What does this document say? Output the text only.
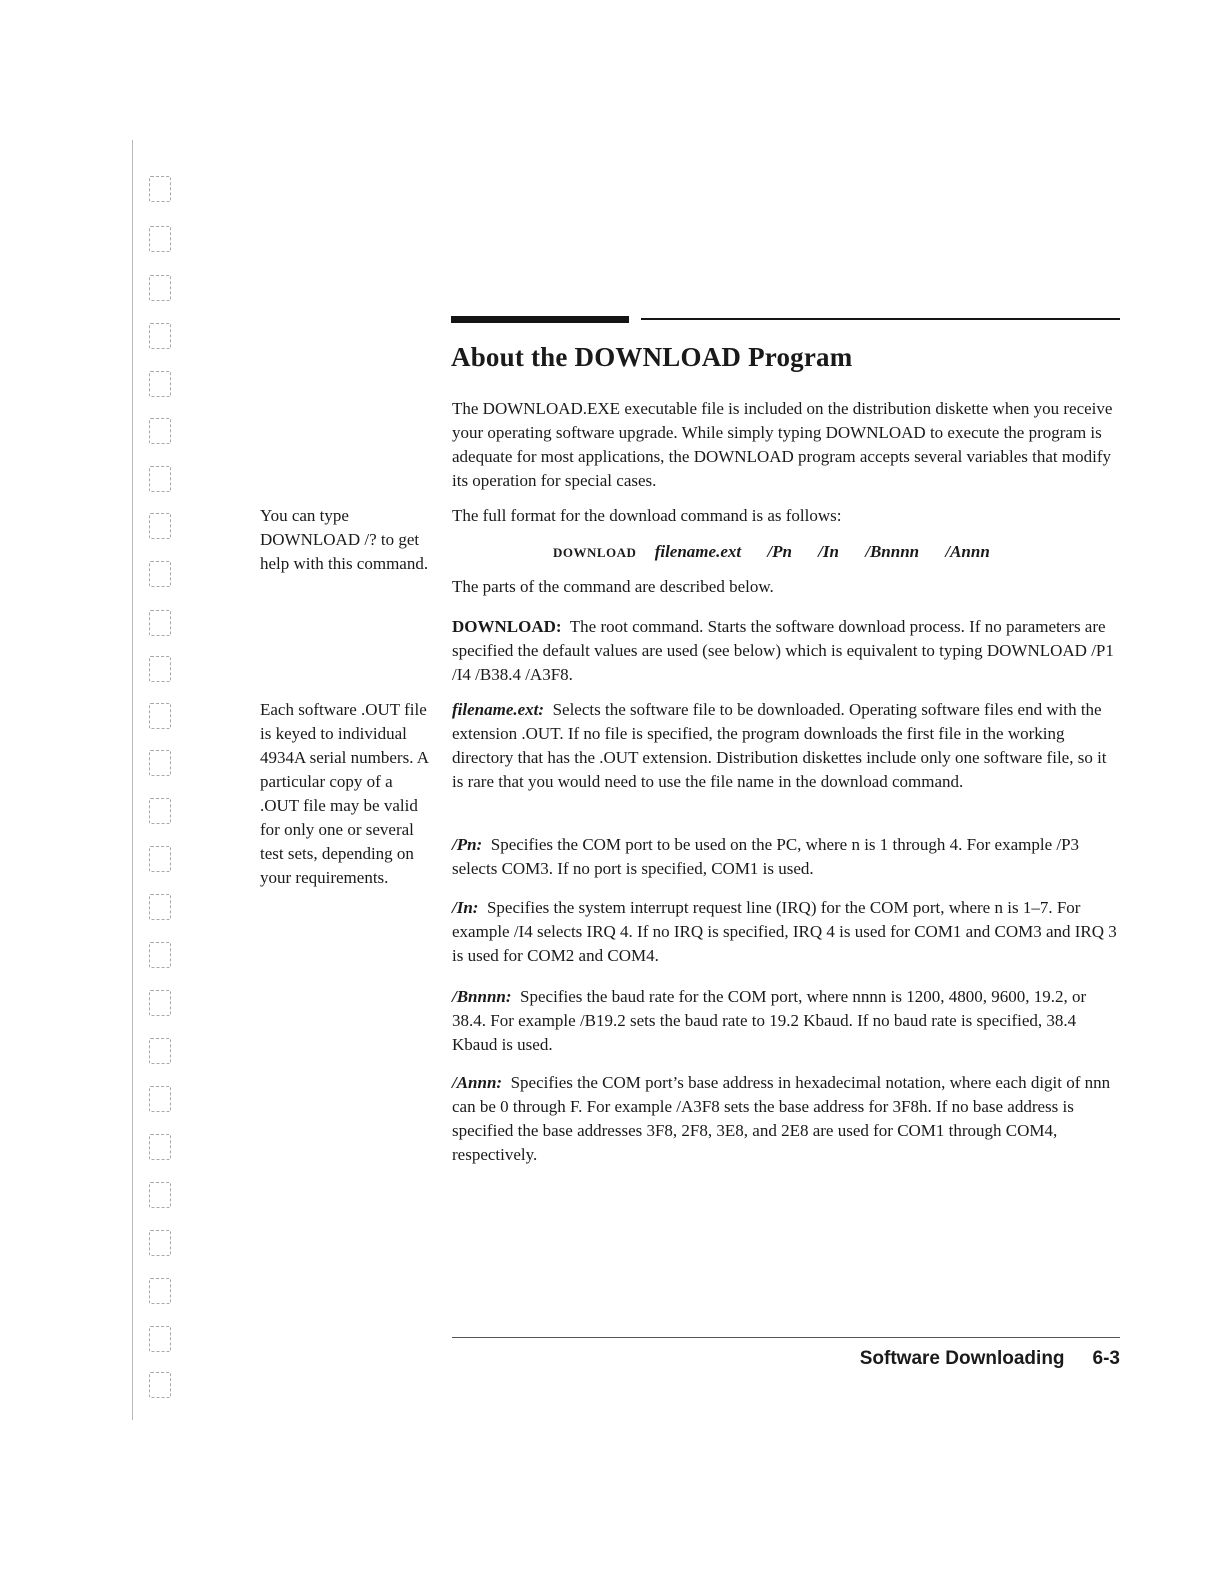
About the DOWNLOAD Program

The DOWNLOAD.EXE executable file is included on the distribution diskette when you receive your operating software upgrade. While simply typing DOWNLOAD to execute the program is adequate for most applications, the DOWNLOAD program accepts several variables that modify its operation for special cases.

The full format for the download command is as follows:

DOWNLOAD filename.ext /Pn /In /Bnnnn /Annn

The parts of the command are described below.

DOWNLOAD: The root command. Starts the software download process. If no parameters are specified the default values are used (see below) which is equivalent to typing DOWNLOAD /P1 /I4 /B38.4 /A3F8.

filename.ext: Selects the software file to be downloaded. Operating software files end with the extension .OUT. If no file is specified, the program downloads the first file in the working directory that has the .OUT extension. Distribution diskettes include only one software file, so it is rare that you would need to use the file name in the download command.

/Pn: Specifies the COM port to be used on the PC, where n is 1 through 4. For example /P3 selects COM3. If no port is specified, COM1 is used.

/In: Specifies the system interrupt request line (IRQ) for the COM port, where n is 1–7. For example /I4 selects IRQ 4. If no IRQ is specified, IRQ 4 is used for COM1 and COM3 and IRQ 3 is used for COM2 and COM4.

/Bnnnn: Specifies the baud rate for the COM port, where nnnn is 1200, 4800, 9600, 19.2, or 38.4. For example /B19.2 sets the baud rate to 19.2 Kbaud. If no baud rate is specified, 38.4 Kbaud is used.

/Annn: Specifies the COM port’s base address in hexadecimal notation, where each digit of nnn can be 0 through F. For example /A3F8 sets the base address for 3F8h. If no base address is specified the base addresses 3F8, 2F8, 3E8, and 2E8 are used for COM1 through COM4, respectively.

You can type DOWNLOAD /? to get help with this command.
Each software .OUT file is keyed to individual 4934A serial numbers. A particular copy of a .OUT file may be valid for only one or several test sets, depending on your requirements.
Software Downloading 6-3
